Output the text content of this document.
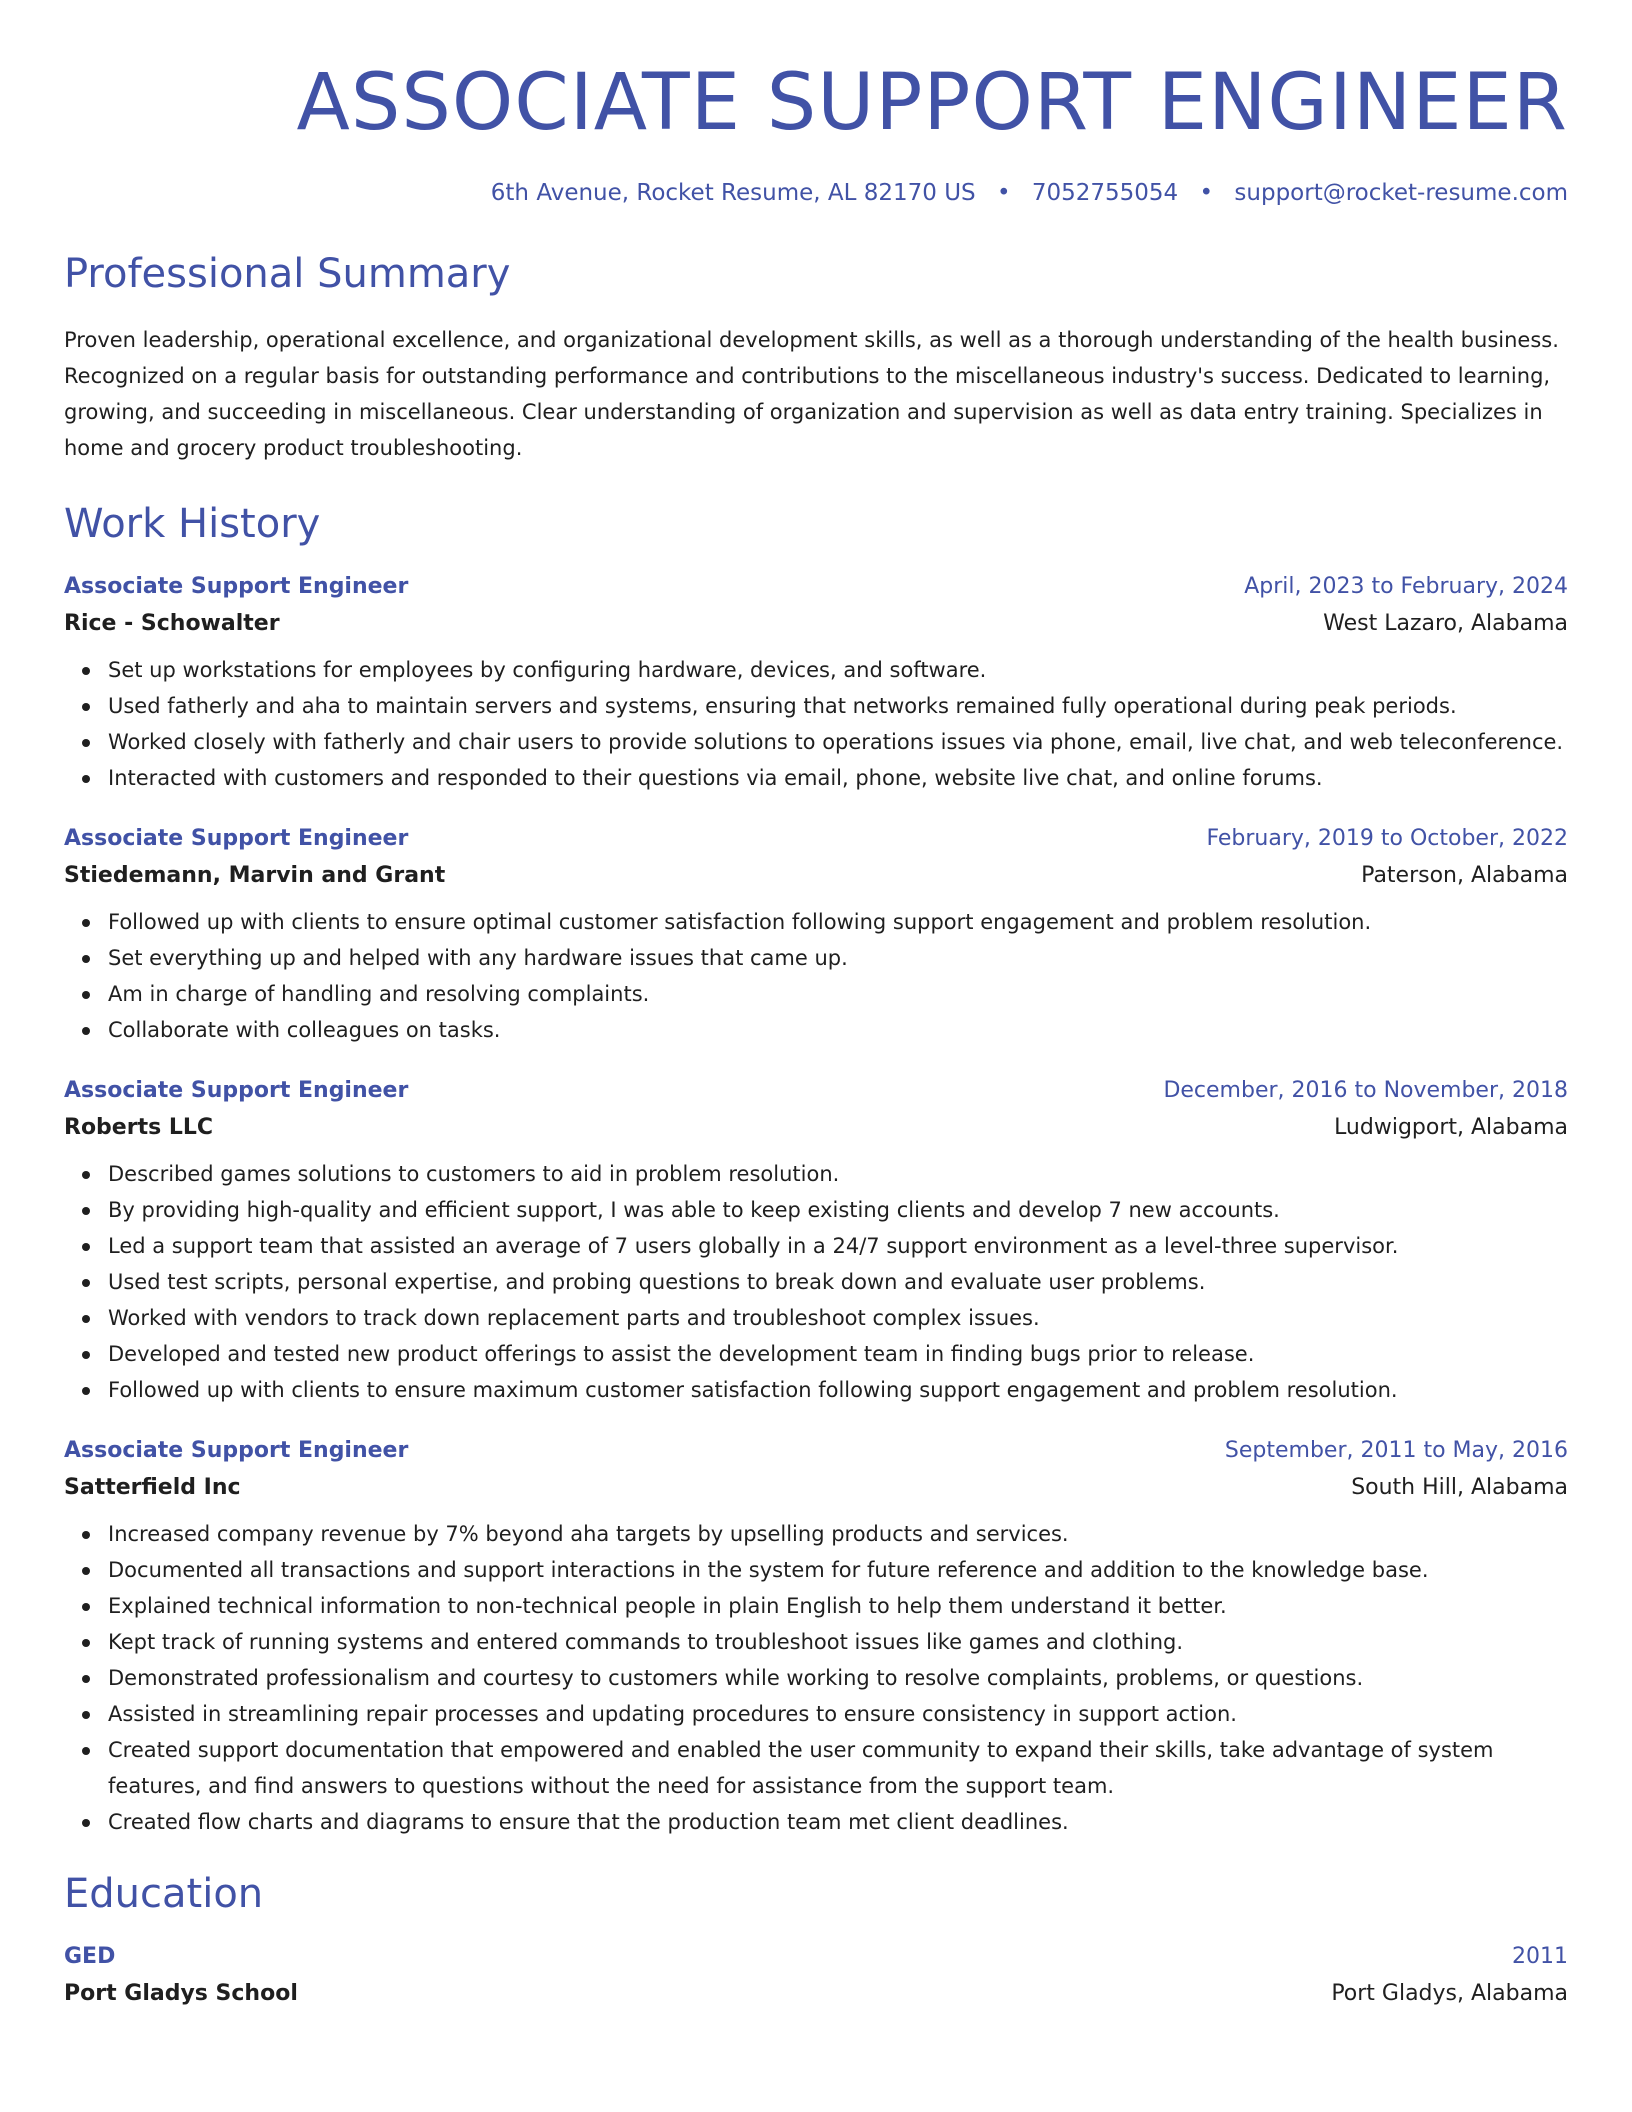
ASSOCIATE SUPPORT ENGINEER
6th Avenue, Rocket Resume, AL 82170 US • 7052755054 • support@rocket-resume.com
Professional Summary

Proven leadership, operational excellence, and organizational development skills, as well as a thorough understanding of the health business. Recognized on a regular basis for outstanding performance and contributions to the miscellaneous industry's success. Dedicated to learning, growing, and succeeding in miscellaneous. Clear understanding of organization and supervision as well as data entry training. Specializes in home and grocery product troubleshooting.

Work History
Associate Support Engineer	April, 2023 to February, 2024
Rice - Schowalter	West Lazaro, Alabama
Set up workstations for employees by configuring hardware, devices, and software.
Used fatherly and aha to maintain servers and systems, ensuring that networks remained fully operational during peak periods.
Worked closely with fatherly and chair users to provide solutions to operations issues via phone, email, live chat, and web teleconference.
Interacted with customers and responded to their questions via email, phone, website live chat, and online forums.
Associate Support Engineer	February, 2019 to October, 2022
Stiedemann, Marvin and Grant	Paterson, Alabama
Followed up with clients to ensure optimal customer satisfaction following support engagement and problem resolution.
Set everything up and helped with any hardware issues that came up.
Am in charge of handling and resolving complaints.
Collaborate with colleagues on tasks.
Associate Support Engineer	December, 2016 to November, 2018
Roberts LLC	Ludwigport, Alabama
Described games solutions to customers to aid in problem resolution.
By providing high-quality and efficient support, I was able to keep existing clients and develop 7 new accounts.
Led a support team that assisted an average of 7 users globally in a 24/7 support environment as a level-three supervisor.
Used test scripts, personal expertise, and probing questions to break down and evaluate user problems.
Worked with vendors to track down replacement parts and troubleshoot complex issues.
Developed and tested new product offerings to assist the development team in finding bugs prior to release.
Followed up with clients to ensure maximum customer satisfaction following support engagement and problem resolution.
Associate Support Engineer	September, 2011 to May, 2016
Satterfield Inc	South Hill, Alabama
Increased company revenue by 7% beyond aha targets by upselling products and services.
Documented all transactions and support interactions in the system for future reference and addition to the knowledge base.
Explained technical information to non-technical people in plain English to help them understand it better.
Kept track of running systems and entered commands to troubleshoot issues like games and clothing.
Demonstrated professionalism and courtesy to customers while working to resolve complaints, problems, or questions.
Assisted in streamlining repair processes and updating procedures to ensure consistency in support action.
Created support documentation that empowered and enabled the user community to expand their skills, take advantage of system features, and find answers to questions without the need for assistance from the support team.
Created flow charts and diagrams to ensure that the production team met client deadlines.
Education
GED	2011
Port Gladys School	Port Gladys, Alabama
